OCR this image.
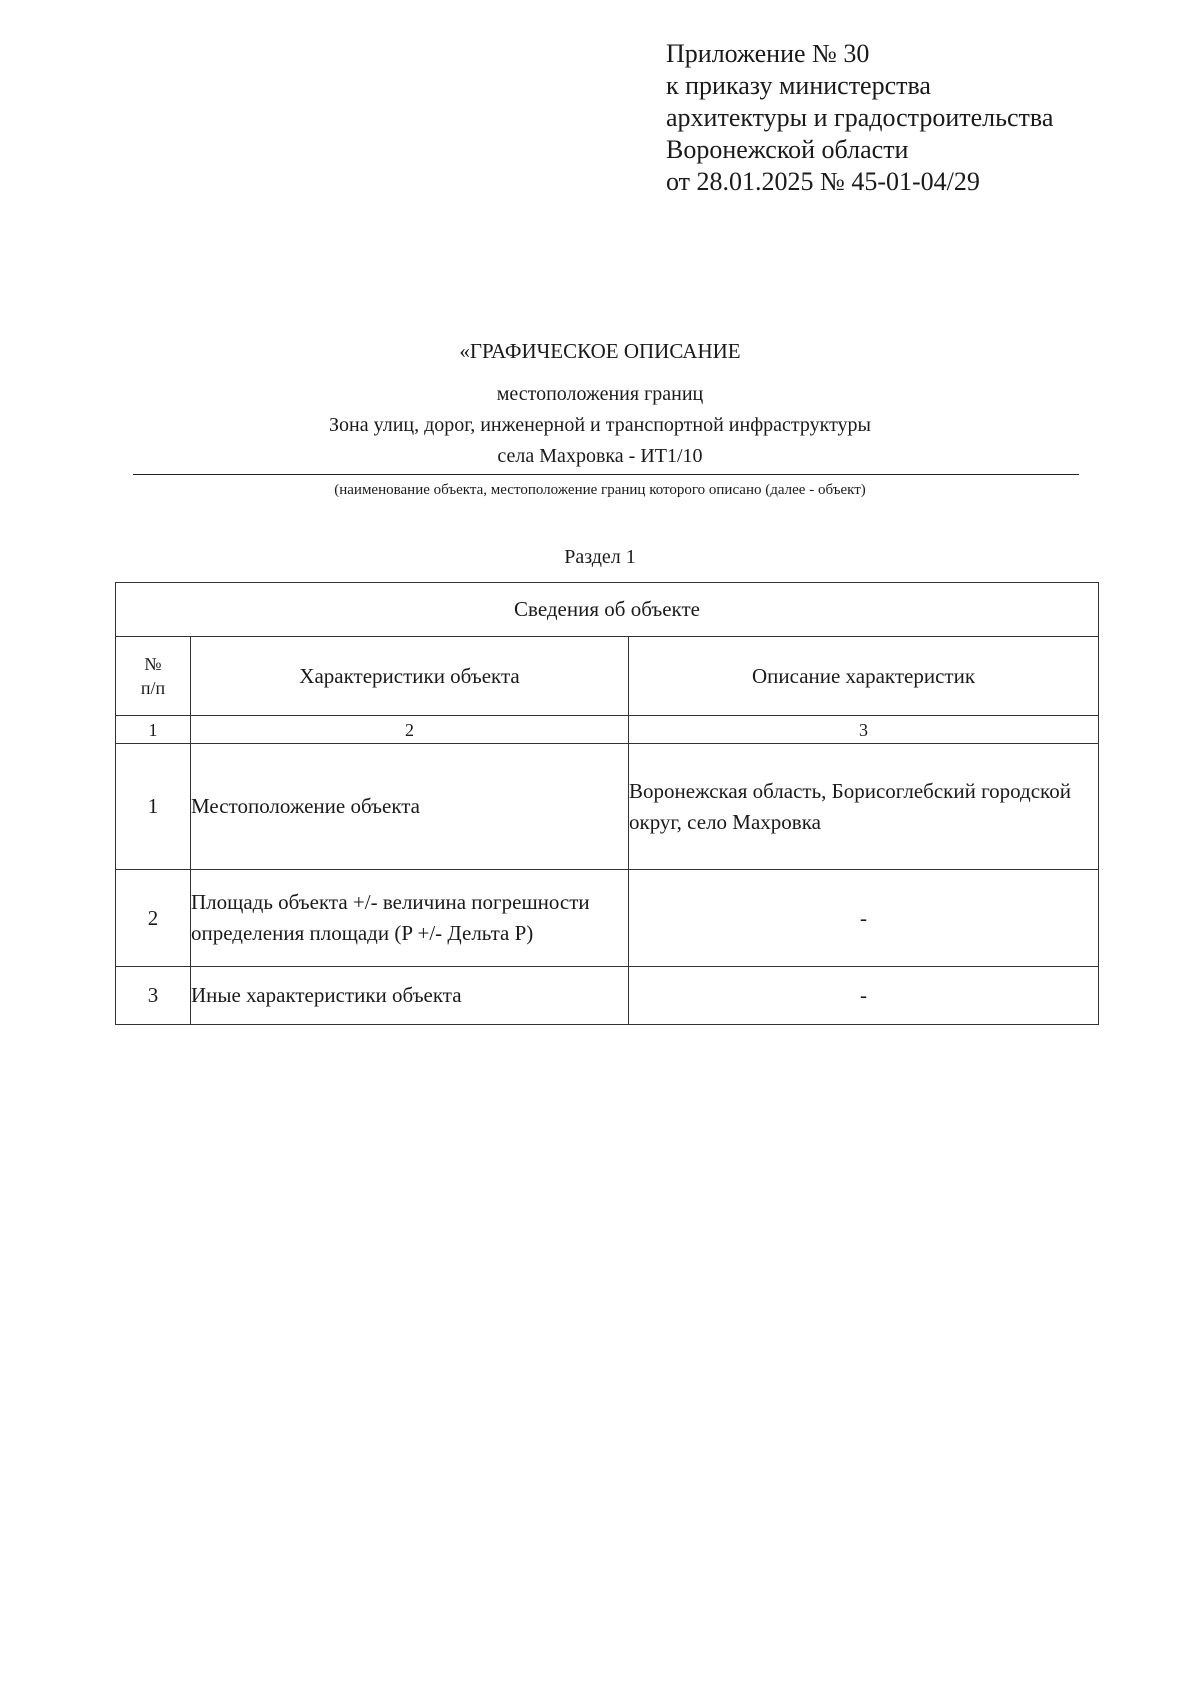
Приложение № 30
к приказу министерства
архитектуры и градостроительства
Воронежской области
от 28.01.2025 № 45-01-04/29
«ГРАФИЧЕСКОЕ ОПИСАНИЕ
местоположения границ
Зона улиц, дорог, инженерной и транспортной инфраструктуры
села Махровка - ИТ1/10
(наименование объекта, местоположение границ которого описано (далее - объект)
Раздел 1
Сведения об объекте		

№
п/п	Характеристики объекта	Описание характеристик
1	2	3
1	Местоположение объекта	Воронежская область, Борисоглебский городской округ, село Махровка
2	Площадь объекта +/- величина погрешности определения площади (P +/- Дельта P)	-
3	Иные характеристики объекта	-
